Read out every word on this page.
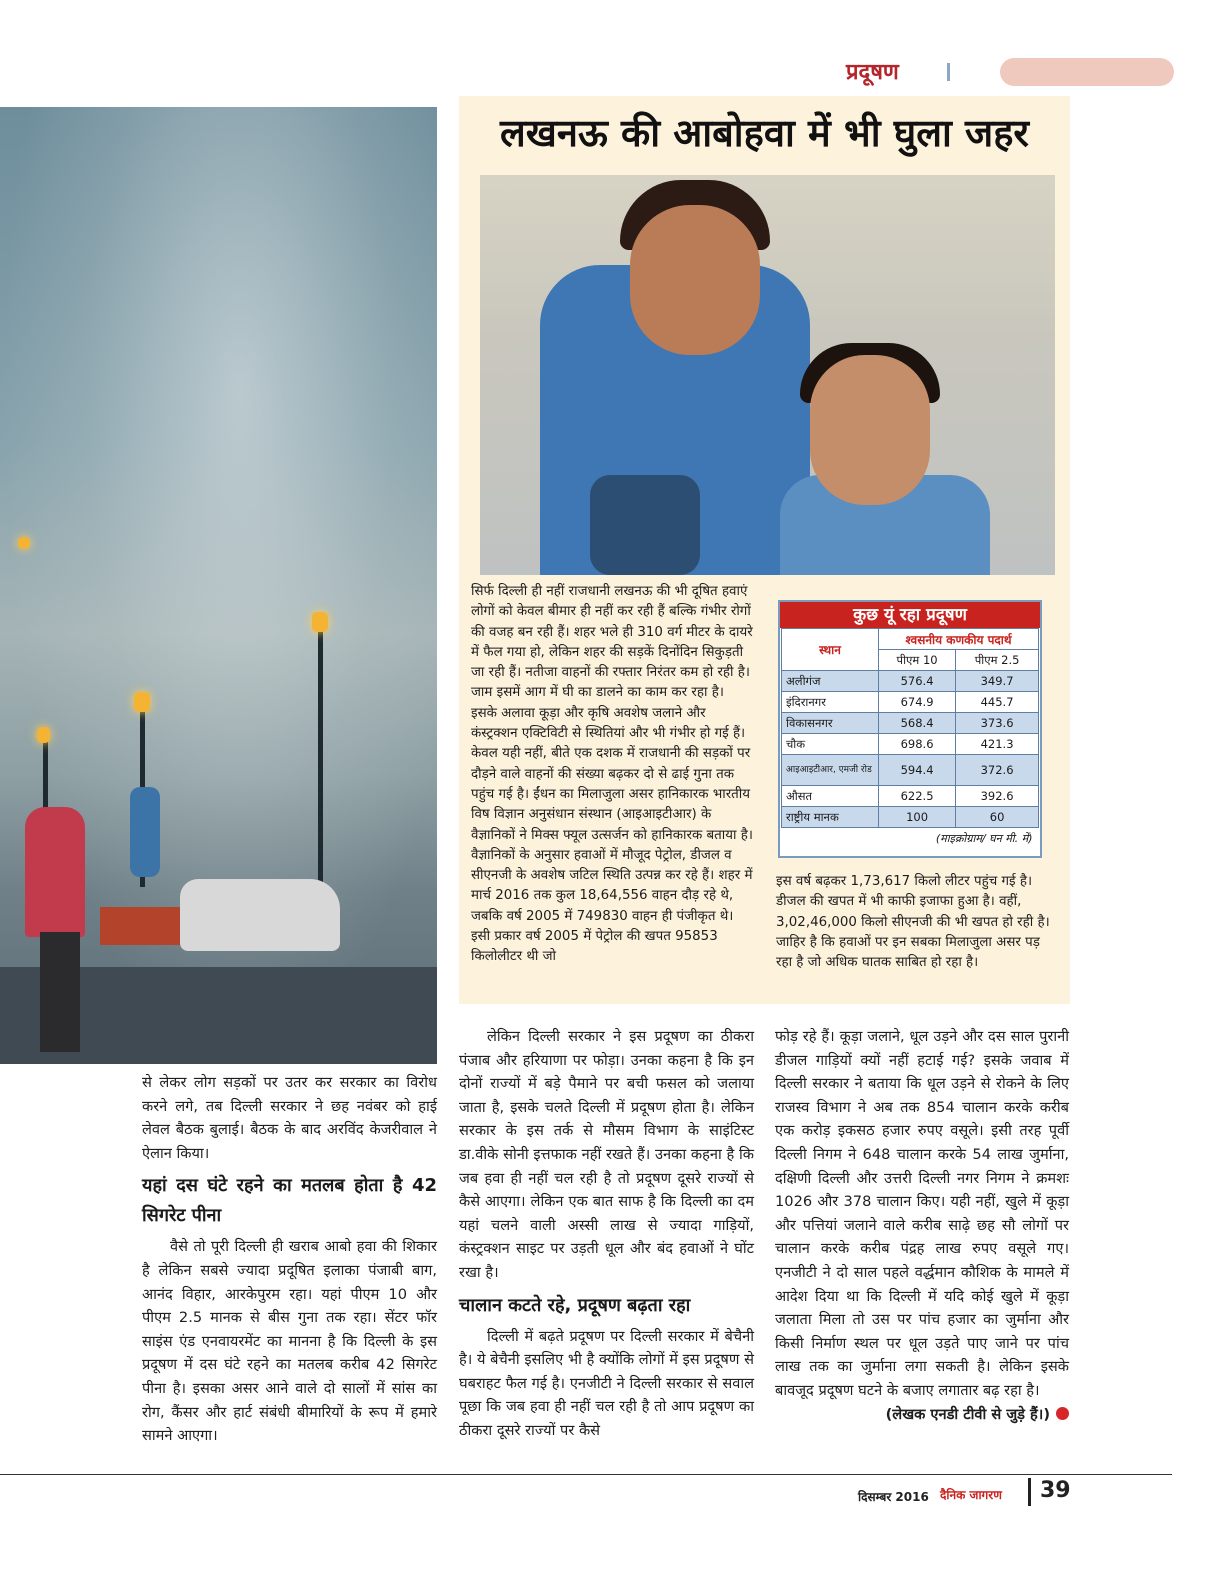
प्रदूषण
लखनऊ की आबोहवा में भी घुला जहर
सिर्फ दिल्ली ही नहीं राजधानी लखनऊ की भी दूषित हवाएं लोगों को केवल बीमार ही नहीं कर रही हैं बल्कि गंभीर रोगों की वजह बन रही हैं। शहर भले ही 310 वर्ग मीटर के दायरे में फैल गया हो, लेकिन शहर की सड़कें दिनोंदिन सिकुड़ती जा रही हैं। नतीजा वाहनों की रफ्तार निरंतर कम हो रही है। जाम इसमें आग में घी का डालने का काम कर रहा है। इसके अलावा कूड़ा और कृषि अवशेष जलाने और कंस्ट्रक्शन एक्टिविटी से स्थितियां और भी गंभीर हो गई हैं। केवल यही नहीं, बीते एक दशक में राजधानी की सड़कों पर दौड़ने वाले वाहनों की संख्या बढ़कर दो से ढाई गुना तक पहुंच गई है। ईंधन का मिलाजुला असर हानिकारक भारतीय विष विज्ञान अनुसंधान संस्थान (आइआइटीआर) के वैज्ञानिकों ने मिक्स फ्यूल उत्सर्जन को हानिकारक बताया है। वैज्ञानिकों के अनुसार हवाओं में मौजूद पेट्रोल, डीजल व सीएनजी के अवशेष जटिल स्थिति उत्पन्न कर रहे हैं। शहर में मार्च 2016 तक कुल 18,64,556 वाहन दौड़ रहे थे, जबकि वर्ष 2005 में 749830 वाहन ही पंजीकृत थे। इसी प्रकार वर्ष 2005 में पेट्रोल की खपत 95853 किलोलीटर थी जो
कुछ यूं रहा प्रदूषण
स्थान	श्वसनीय कणकीय पदार्थ	
	पीएम 10	पीएम 2.5
अलीगंज	576.4	349.7
इंदिरानगर	674.9	445.7
विकासनगर	568.4	373.6
चौक	698.6	421.3
आइआइटीआर, एमजी रोड	594.4	372.6
औसत	622.5	392.6
राष्ट्रीय मानक	100	60
(माइक्रोग्राम/ घन मी. में)		
इस वर्ष बढ़कर 1,73,617 किलो लीटर पहुंच गई है। डीजल की खपत में भी काफी इजाफा हुआ है। वहीं, 3,02,46,000 किलो सीएनजी की भी खपत हो रही है। जाहिर है कि हवाओं पर इन सबका मिलाजुला असर पड़ रहा है जो अधिक घातक साबित हो रहा है।

से लेकर लोग सड़कों पर उतर कर सरकार का विरोध करने लगे, तब दिल्ली सरकार ने छह नवंबर को हाई लेवल बैठक बुलाई। बैठक के बाद अरविंद केजरीवाल ने ऐलान किया।

यहां दस घंटे रहने का मतलब होता है 42 सिगरेट पीना

वैसे तो पूरी दिल्ली ही खराब आबो हवा की शिकार है लेकिन सबसे ज्यादा प्रदूषित इलाका पंजाबी बाग, आनंद विहार, आरकेपुरम रहा। यहां पीएम 10 और पीएम 2.5 मानक से बीस गुना तक रहा। सेंटर फॉर साइंस एंड एनवायरमेंट का मानना है कि दिल्ली के इस प्रदूषण में दस घंटे रहने का मतलब करीब 42 सिगरेट पीना है। इसका असर आने वाले दो सालों में सांस का रोग, कैंसर और हार्ट संबंधी बीमारियों के रूप में हमारे सामने आएगा।

लेकिन दिल्ली सरकार ने इस प्रदूषण का ठीकरा पंजाब और हरियाणा पर फोड़ा। उनका कहना है कि इन दोनों राज्यों में बड़े पैमाने पर बची फसल को जलाया जाता है, इसके चलते दिल्ली में प्रदूषण होता है। लेकिन सरकार के इस तर्क से मौसम विभाग के साइंटिस्ट डा.वीके सोनी इत्तफाक नहीं रखते हैं। उनका कहना है कि जब हवा ही नहीं चल रही है तो प्रदूषण दूसरे राज्यों से कैसे आएगा। लेकिन एक बात साफ है कि दिल्ली का दम यहां चलने वाली अस्सी लाख से ज्यादा गाड़ियों, कंस्ट्रक्शन साइट पर उड़ती धूल और बंद हवाओं ने घोंट रखा है।

चालान कटते रहे, प्रदूषण बढ़ता रहा

दिल्ली में बढ़ते प्रदूषण पर दिल्ली सरकार में बेचैनी है। ये बेचैनी इसलिए भी है क्योंकि लोगों में इस प्रदूषण से घबराहट फैल गई है। एनजीटी ने दिल्ली सरकार से सवाल पूछा कि जब हवा ही नहीं चल रही है तो आप प्रदूषण का ठीकरा दूसरे राज्यों पर कैसे

फोड़ रहे हैं। कूड़ा जलाने, धूल उड़ने और दस साल पुरानी डीजल गाड़ियों क्यों नहीं हटाई गई? इसके जवाब में दिल्ली सरकार ने बताया कि धूल उड़ने से रोकने के लिए राजस्व विभाग ने अब तक 854 चालान करके करीब एक करोड़ इकसठ हजार रुपए वसूले। इसी तरह पूर्वी दिल्ली निगम ने 648 चालान करके 54 लाख जुर्माना, दक्षिणी दिल्ली और उत्तरी दिल्ली नगर निगम ने क्रमशः 1026 और 378 चालान किए। यही नहीं, खुले में कूड़ा और पत्तियां जलाने वाले करीब साढ़े छह सौ लोगों पर चालान करके करीब पंद्रह लाख रुपए वसूले गए। एनजीटी ने दो साल पहले वर्द्धमान कौशिक के मामले में आदेश दिया था कि दिल्ली में यदि कोई खुले में कूड़ा जलाता मिला तो उस पर पांच हजार का जुर्माना और किसी निर्माण स्थल पर धूल उड़ते पाए जाने पर पांच लाख तक का जुर्माना लगा सकती है। लेकिन इसके बावजूद प्रदूषण घटने के बजाए लगातार बढ़ रहा है।

(लेखक एनडी टीवी से जुड़े हैं।)

दिसम्बर 2016 दैनिक जागरण 39
